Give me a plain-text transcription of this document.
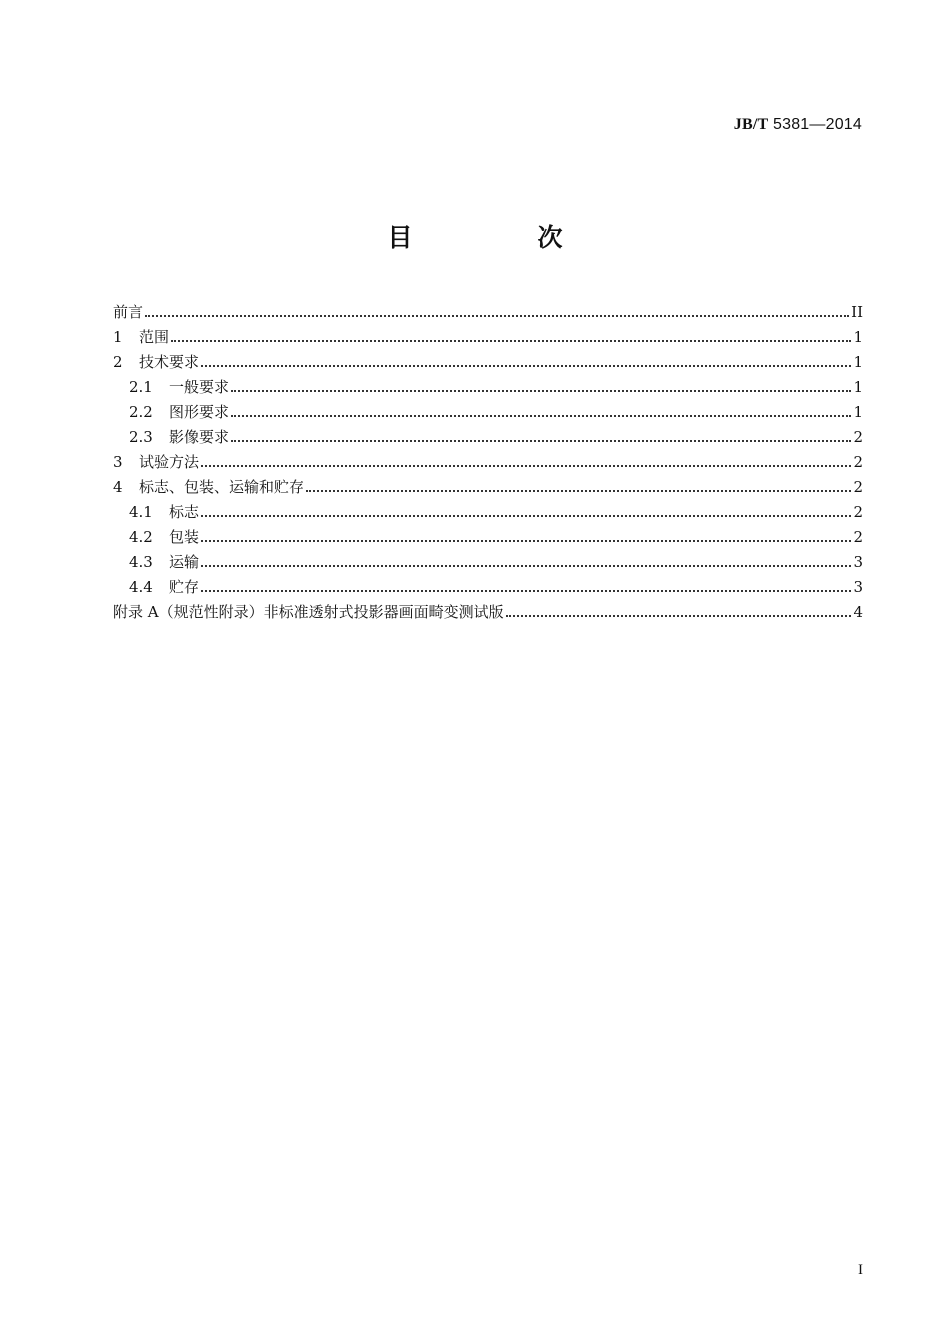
JB/T 5381—2014
目　次
前言	II
1	范围	1
2	技术要求	1
2.1	一般要求	1
2.2	图形要求	1
2.3	影像要求	2
3	试验方法	2
4	标志、包装、运输和贮存	2
4.1	标志	2
4.2	包装	2
4.3	运输	3
4.4	贮存	3
附录 A（规范性附录）非标准透射式投影器画面畸变测试版	4
I
